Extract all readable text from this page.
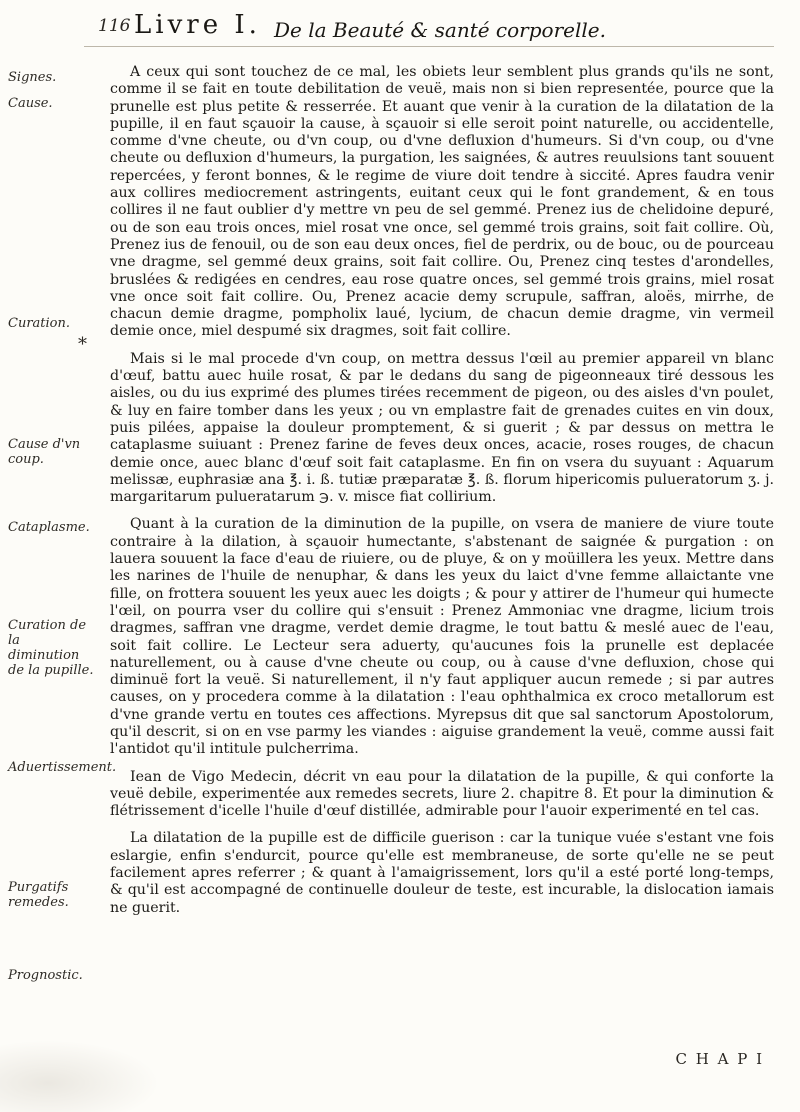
116 Livre I. De la Beauté & santé corporelle.

Signes.

Cause.

Curation.

*

Cause d'vn coup.

Cataplasme.

Curation de la diminution de la pupille.

Aduertissement.

Purgatifs remedes.

Prognostic.

A ceux qui sont touchez de ce mal, les obiets leur semblent plus grands qu'ils ne sont, comme il se fait en toute debilitation de veuë, mais non si bien representée, pource que la prunelle est plus petite & resserrée. Et auant que venir à la curation de la dilatation de la pupille, il en faut sçauoir la cause, à sçauoir si elle seroit point naturelle, ou accidentelle, comme d'vne cheute, ou d'vn coup, ou d'vne defluxion d'humeurs. Si d'vn coup, ou d'vne cheute ou defluxion d'humeurs, la purgation, les saignées, & autres reuulsions tant souuent repercées, y feront bonnes, & le regime de viure doit tendre à siccité. Apres faudra venir aux collires mediocrement astringents, euitant ceux qui le font grandement, & en tous collires il ne faut oublier d'y mettre vn peu de sel gemmé. Prenez ius de chelidoine depuré, ou de son eau trois onces, miel rosat vne once, sel gemmé trois grains, soit fait collire. Où, Prenez ius de fenouil, ou de son eau deux onces, fiel de perdrix, ou de bouc, ou de pourceau vne dragme, sel gemmé deux grains, soit fait collire. Ou, Prenez cinq testes d'arondelles, bruslées & redigées en cendres, eau rose quatre onces, sel gemmé trois grains, miel rosat vne once soit fait collire. Ou, Prenez acacie demy scrupule, saffran, aloës, mirrhe, de chacun demie dragme, pompholix laué, lycium, de chacun demie dragme, vin vermeil demie once, miel despumé six dragmes, soit fait collire.

Mais si le mal procede d'vn coup, on mettra dessus l'œil au premier appareil vn blanc d'œuf, battu auec huile rosat, & par le dedans du sang de pigeonneaux tiré dessous les aisles, ou du ius exprimé des plumes tirées recemment de pigeon, ou des aisles d'vn poulet, & luy en faire tomber dans les yeux ; ou vn emplastre fait de grenades cuites en vin doux, puis pilées, appaise la douleur promptement, & si guerit ; & par dessus on mettra le cataplasme suiuant : Prenez farine de feves deux onces, acacie, roses rouges, de chacun demie once, auec blanc d'œuf soit fait cataplasme. En fin on vsera du suyuant : Aquarum melissæ, euphrasiæ ana ℥. i. ß. tutiæ præparatæ ℥. ß. florum hipericomis pulueratorum ʒ. j. margaritarum pulueratarum ℈. v. misce fiat collirium.

Quant à la curation de la diminution de la pupille, on vsera de maniere de viure toute contraire à la dilation, à sçauoir humectante, s'abstenant de saignée & purgation : on lauera souuent la face d'eau de riuiere, ou de pluye, & on y moüillera les yeux. Mettre dans les narines de l'huile de nenuphar, & dans les yeux du laict d'vne femme allaictante vne fille, on frottera souuent les yeux auec les doigts ; & pour y attirer de l'humeur qui humecte l'œil, on pourra vser du collire qui s'ensuit : Prenez Ammoniac vne dragme, licium trois dragmes, saffran vne dragme, verdet demie dragme, le tout battu & meslé auec de l'eau, soit fait collire. Le Lecteur sera aduerty, qu'aucunes fois la prunelle est deplacée naturellement, ou à cause d'vne cheute ou coup, ou à cause d'vne defluxion, chose qui diminuë fort la veuë. Si naturellement, il n'y faut appliquer aucun remede ; si par autres causes, on y procedera comme à la dilatation : l'eau ophthalmica ex croco metallorum est d'vne grande vertu en toutes ces affections. Myrepsus dit que sal sanctorum Apostolorum, qu'il descrit, si on en vse parmy les viandes : aiguise grandement la veuë, comme aussi fait l'antidot qu'il intitule pulcherrima.

Iean de Vigo Medecin, décrit vn eau pour la dilatation de la pupille, & qui conforte la veuë debile, experimentée aux remedes secrets, liure 2. chapitre 8. Et pour la diminution & flétrissement d'icelle l'huile d'œuf distillée, admirable pour l'auoir experimenté en tel cas.

La dilatation de la pupille est de difficile guerison : car la tunique vuée s'estant vne fois eslargie, enfin s'endurcit, pource qu'elle est membraneuse, de sorte qu'elle ne se peut facilement apres referrer ; & quant à l'amaigrissement, lors qu'il a esté porté long-temps, & qu'il est accompagné de continuelle douleur de teste, est incurable, la dislocation iamais ne guerit.

C H A P I
